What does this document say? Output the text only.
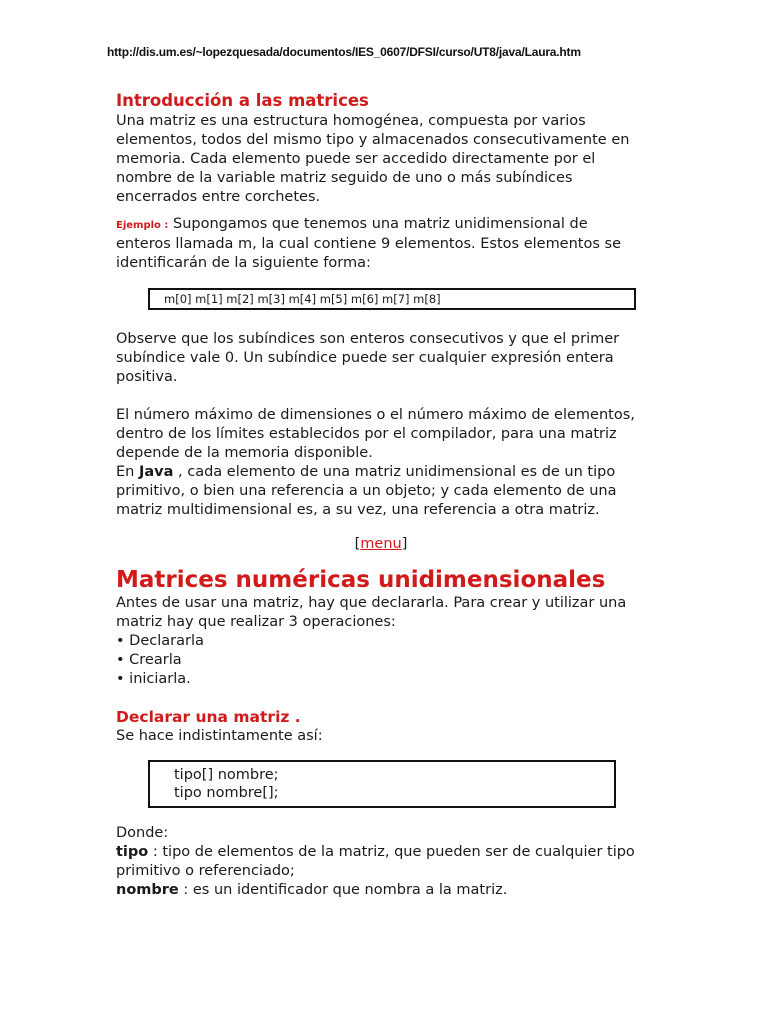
http://dis.um.es/~lopezquesada/documentos/IES_0607/DFSI/curso/UT8/java/Laura.htm
Introducción a las matrices

Una matriz es una estructura homogénea, compuesta por varios elementos, todos del mismo tipo y almacenados consecutivamente en memoria. Cada elemento puede ser accedido directamente por el nombre de la variable matriz seguido de uno o más subíndices encerrados entre corchetes.

Ejemplo : Supongamos que tenemos una matriz unidimensional de enteros llamada m, la cual contiene 9 elementos. Estos elementos se identificarán de la siguiente forma:

m[0] m[1] m[2] m[3] m[4] m[5] m[6] m[7] m[8]

Observe que los subíndices son enteros consecutivos y que el primer subíndice vale 0. Un subíndice puede ser cualquier expresión entera positiva.

El número máximo de dimensiones o el número máximo de elementos, dentro de los límites establecidos por el compilador, para una matriz depende de la memoria disponible.

En Java , cada elemento de una matriz unidimensional es de un tipo primitivo, o bien una referencia a un objeto; y cada elemento de una matriz multidimensional es, a su vez, una referencia a otra matriz.

[menu]

Matrices numéricas unidimensionales

Antes de usar una matriz, hay que declararla. Para crear y utilizar una matriz hay que realizar 3 operaciones:

• Declararla

• Crearla

• iniciarla.

Declarar una matriz .

Se hace indistintamente así:

tipo[] nombre;
tipo nombre[];

Donde:

tipo : tipo de elementos de la matriz, que pueden ser de cualquier tipo primitivo o referenciado;

nombre : es un identificador que nombra a la matriz.
